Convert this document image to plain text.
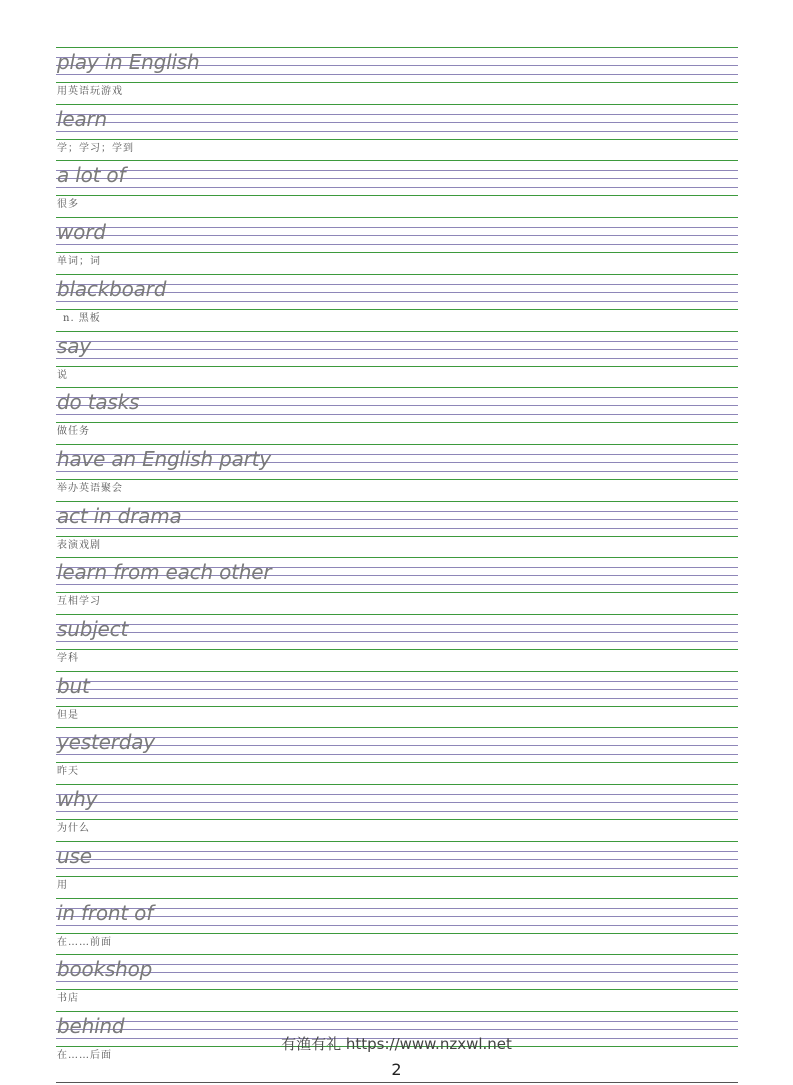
play in English
用英语玩游戏
learn
学；学习；学到
a lot of
很多
word
单词；词
blackboard
n. 黑板
say
说
do tasks
做任务
have an English party
举办英语聚会
act in drama
表演戏剧
learn from each other
互相学习
subject
学科
but
但是
yesterday
昨天
why
为什么
use
用
in front of
在……前面
bookshop
书店
behind
在……后面
有渔有礼 https://www.nzxwl.net
2
